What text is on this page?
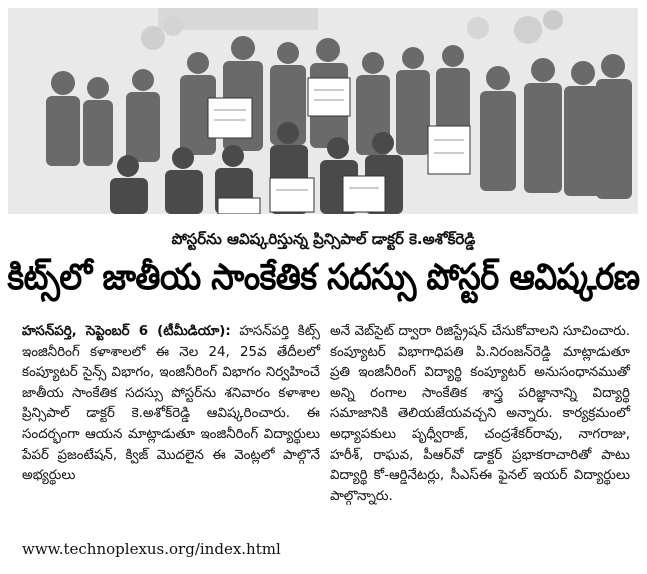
పోస్టర్‌ను ఆవిష్కరిస్తున్న ప్రిన్సిపాల్ డాక్టర్ కె.అశోక్‌రెడ్డి
కిట్స్‌లో జాతీయ సాంకేతిక సదస్సు పోస్టర్ ఆవిష్కరణ

హసన్‌పర్తి, సెప్టెంబర్ 6 (టీమీడియా): హసన్‌పర్తి కిట్స్ ఇంజినీరింగ్ కళాశాలలో ఈ నెల 24, 25వ తేదీలలో కంప్యూటర్ సైన్స్ విభాగం, ఇంజినీరింగ్ విభాగం నిర్వహించే జాతీయ సాంకేతిక సదస్సు పోస్టర్‌ను శనివారం కళాశాల ప్రిన్సిపాల్ డాక్టర్ కె.అశోక్‌రెడ్డి ఆవిష్కరించారు. ఈ సందర్భంగా ఆయన మాట్లాడుతూ ఇంజినీరింగ్ విద్యార్థులు పేపర్ ప్రజంటేషన్, క్విజ్ మొదలైన ఈ వెంట్లలో పాల్గొనే అభ్యర్థులు

www.technoplexus.org/index.html

అనే వెబ్‌సైట్ ద్వారా రిజిస్ట్రేషన్ చేసుకోవాలని సూచించారు. కంప్యూటర్ విభాగాధిపతి పి.నిరంజన్‌రెడ్డి మాట్లాడుతూ ప్రతి ఇంజినీరింగ్ విద్యార్థి కంప్యూటర్ అనుసంధానముతో అన్ని రంగాల సాంకేతిక శాస్త్ర పరిజ్ఞానాన్ని విద్యార్థి సమాజానికి తెలియజేయవచ్చని అన్నారు. కార్యక్రమంలో అధ్యాపకులు పృధ్వీరాజ్, చంద్రశేకర్‌రావు, నాగరాజు, హరీశ్, రాఘవ, పీఆర్‌వో డాక్టర్ ప్రభాకరాచారితో పాటు విద్యార్థి కో-ఆర్డినేటర్లు, సీఎస్ఈ ఫైనల్ ఇయర్ విద్యార్థులు పాల్గొన్నారు.
